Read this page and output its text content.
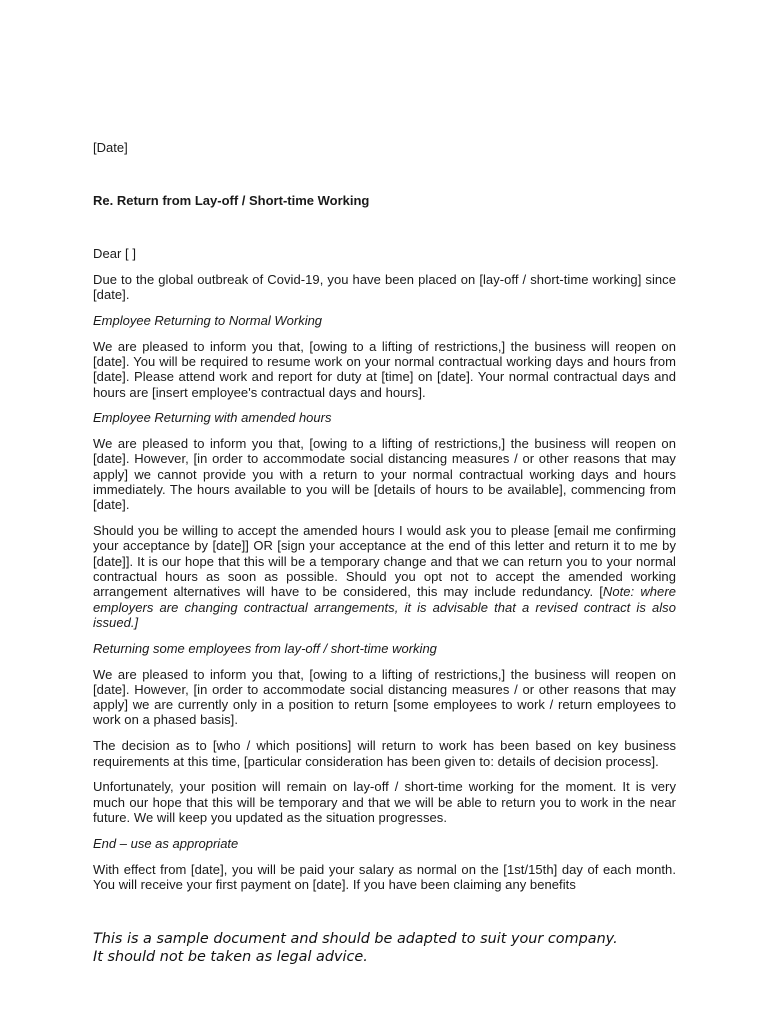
[Date]
Re. Return from Lay-off / Short-time Working

Dear [ ]

Due to the global outbreak of Covid-19, you have been placed on [lay-off / short-time working] since [date].

Employee Returning to Normal Working

We are pleased to inform you that, [owing to a lifting of restrictions,] the business will reopen on [date]. You will be required to resume work on your normal contractual working days and hours from [date]. Please attend work and report for duty at [time] on [date]. Your normal contractual days and hours are [insert employee's contractual days and hours].

Employee Returning with amended hours

We are pleased to inform you that, [owing to a lifting of restrictions,] the business will reopen on [date]. However, [in order to accommodate social distancing measures / or other reasons that may apply] we cannot provide you with a return to your normal contractual working days and hours immediately. The hours available to you will be [details of hours to be available], commencing from [date].

Should you be willing to accept the amended hours I would ask you to please [email me confirming your acceptance by [date]] OR [sign your acceptance at the end of this letter and return it to me by [date]]. It is our hope that this will be a temporary change and that we can return you to your normal contractual hours as soon as possible. Should you opt not to accept the amended working arrangement alternatives will have to be considered, this may include redundancy. [Note: where employers are changing contractual arrangements, it is advisable that a revised contract is also issued.]

Returning some employees from lay-off / short-time working

We are pleased to inform you that, [owing to a lifting of restrictions,] the business will reopen on [date]. However, [in order to accommodate social distancing measures / or other reasons that may apply] we are currently only in a position to return [some employees to work / return employees to work on a phased basis].

The decision as to [who / which positions] will return to work has been based on key business requirements at this time, [particular consideration has been given to: details of decision process].

Unfortunately, your position will remain on lay-off / short-time working for the moment. It is very much our hope that this will be temporary and that we will be able to return you to work in the near future. We will keep you updated as the situation progresses.

End – use as appropriate

With effect from [date], you will be paid your salary as normal on the [1st/15th] day of each month. You will receive your first payment on [date]. If you have been claiming any benefits

This is a sample document and should be adapted to suit your company.
It should not be taken as legal advice.
